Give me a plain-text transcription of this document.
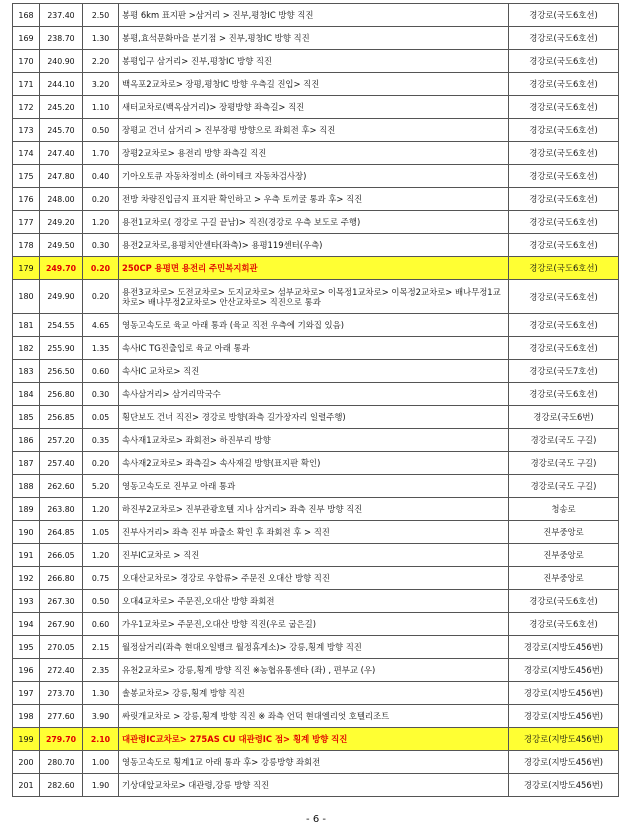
168	237.40	2.50	봉평 6km 표지판 >삼거리 > 진부,평창IC 방향 직진	경강로(국도6호선)
169	238.70	1.30	봉평,효석문화마을 분기점 > 진부,평창IC 방향 직진	경강로(국도6호선)
170	240.90	2.20	봉평입구 삼거리> 진부,평창IC 방향 직진	경강로(국도6호선)
171	244.10	3.20	백옥포2교차로> 장평,평창IC 방향 우측길 진입> 직진	경강로(국도6호선)
172	245.20	1.10	새터교차로(백옥삼거리)> 장평방향 좌측길> 직진	경강로(국도6호선)
173	245.70	0.50	장평교 건너 삼거리 > 진부장평 방향으로 좌회전 후> 직진	경강로(국도6호선)
174	247.40	1.70	장평2교차로> 용전리 방향 좌측길 직진	경강로(국도6호선)
175	247.80	0.40	기아오토큐 자동차정비소 (하이테크 자동차검사장)	경강로(국도6호선)
176	248.00	0.20	전방 차량진입금지 표지판 확인하고 > 우측 토끼굴 통과 후> 직진	경강로(국도6호선)
177	249.20	1.20	용전1교차로( 경강로 구길 끝남)> 직진(경강로 우측 보도로 주행)	경강로(국도6호선)
178	249.50	0.30	용전2교차로,용평치안센타(좌측)> 용평119센터(우측)	경강로(국도6호선)
179	249.70	0.20	250CP 용평면 용전리 주민복지회관	경강로(국도6호선)
180	249.90	0.20	용전3교차로> 도전교차로> 도지교차로> 섬부교차로> 이목정1교차로> 이목정2교차로> 배나무정1교차로> 배나무정2교차로> 안산교차로> 직진으로 통과	경강로(국도6호선)
181	254.55	4.65	영동고속도로 육교 아래 통과 (육교 직전 우측에 기와집 있음)	경강로(국도6호선)
182	255.90	1.35	속사IC TG진출입로 육교 아래 통과	경강로(국도6호선)
183	256.50	0.60	속사IC 교차로> 직진	경강로(국도7호선)
184	256.80	0.30	속사삼거리> 삼거리막국수	경강로(국도6호선)
185	256.85	0.05	횡단보도 건너 직진> 경강로 방향(좌측 길가장자리 일렬주행)	경강로(국도6번)
186	257.20	0.35	속사재1교차로> 좌회전> 하진부리 방향	경강로(국도 구길)
187	257.40	0.20	속사재2교차로> 좌측길> 속사재길 방향(표지판 확인)	경강로(국도 구길)
188	262.60	5.20	영동고속도로 진부교 아래 통과	경강로(국도 구길)
189	263.80	1.20	하진부2교차로> 진부관광호텔 지나 삼거리> 좌측 진부 방향 직진	청송로
190	264.85	1.05	진부사거리> 좌측 진부 파출소 확인 후 좌회전 후 > 직진	진부중앙로
191	266.05	1.20	진부IC교차로 > 직진	진부중앙로
192	266.80	0.75	오대산교차로> 경강로 우합류> 주문진 오대산 방향 직진	진부중앙로
193	267.30	0.50	오대4교차로> 주문진,오대산 방향 좌회전	경강로(국도6호선)
194	267.90	0.60	가우1교차로> 주문진,오대산 방향 직진(우로 굽은길)	경강로(국도6호선)
195	270.05	2.15	월정삼거리(좌측 현대오일뱅크 월정휴게소)> 강릉,횡계 방향 직진	경강로(지방도456번)
196	272.40	2.35	유천2교차로> 강릉,횡계 방향 직진 ※농협유통센타 (좌) , 편부교 (우)	경강로(지방도456번)
197	273.70	1.30	솔봉교차로> 강릉,횡계 방향 직진	경강로(지방도456번)
198	277.60	3.90	싸릿개교차로 > 강릉,횡계 방향 직진 ※ 좌측 언덕 현대엘리엇 호텔리조트	경강로(지방도456번)
199	279.70	2.10	대관령IC교차로> 275AS CU 대관령IC 점> 횡계 방향 직진	경강로(지방도456번)
200	280.70	1.00	영동고속도로 횡계1교 아래 통과 후> 강릉방향 좌회전	경강로(지방도456번)
201	282.60	1.90	기상대앞교차로> 대관령,강릉 방향 직진	경강로(지방도456번)
- 6 -
